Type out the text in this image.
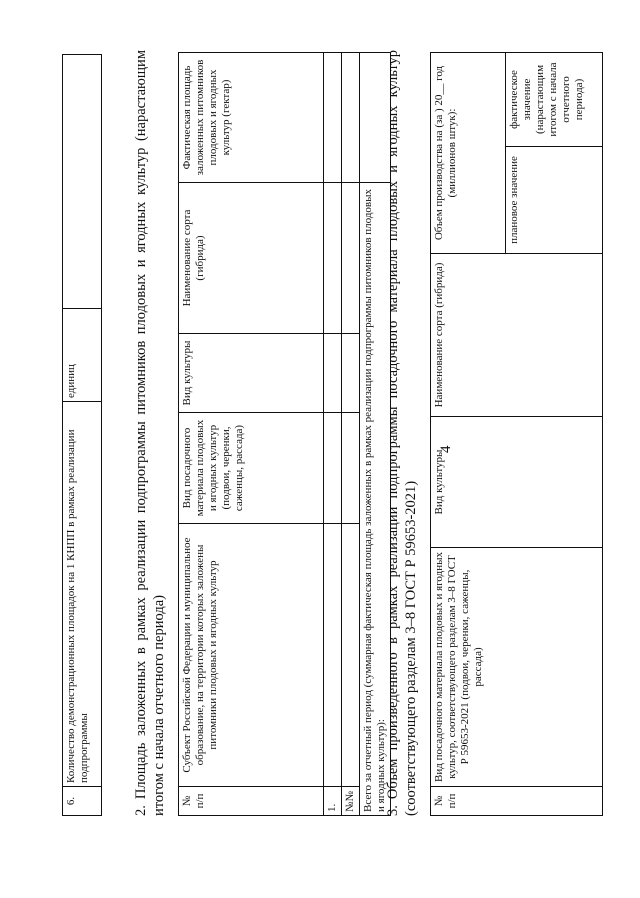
4
6.	Количество демонстрационных площадок на 1 КНПП в рамках реализации подпрограммы	единиц	
2.Площадь заложенных в рамках реализации подпрограммы питомников плодовых и ягодных культур (нарастающим итогом с начала отчетного периода) № п/п	Субъект Российской Федерации и муниципальное образование, на территории которых заложены питомники плодовых и ягодных культур	Вид посадочного материала плодовых и ягодных культур (подвои, черенки, саженцы, рассада)	Вид культуры	Наименование сорта (гибрида)	Фактическая площадь заложенных питомников плодовых и ягодных культур (гектар)
1.					
№№					
Всего за отчетный период (суммарная фактическая площадь заложенных в рамках реализации подпрограммы питомников плодовых и ягодных культур):					
3.Объем произведенного в рамках реализации подпрограммы посадочного материала плодовых и ягодных культур (соответствующего разделам 3–8 ГОСТ Р 59653-2021) № п/п	Вид посадочного материала плодовых и ягодных культур, соответствующего разделам 3–8 ГОСТ Р 59653-2021 (подвои, черенки, саженцы, рассада)	Вид культуры	Наименование сорта (гибрида)	Объем производства на (за ) 20__ год (миллионов штук):	
				плановое значение	фактическое значение (нарастающим итогом с начала отчетного периода)
